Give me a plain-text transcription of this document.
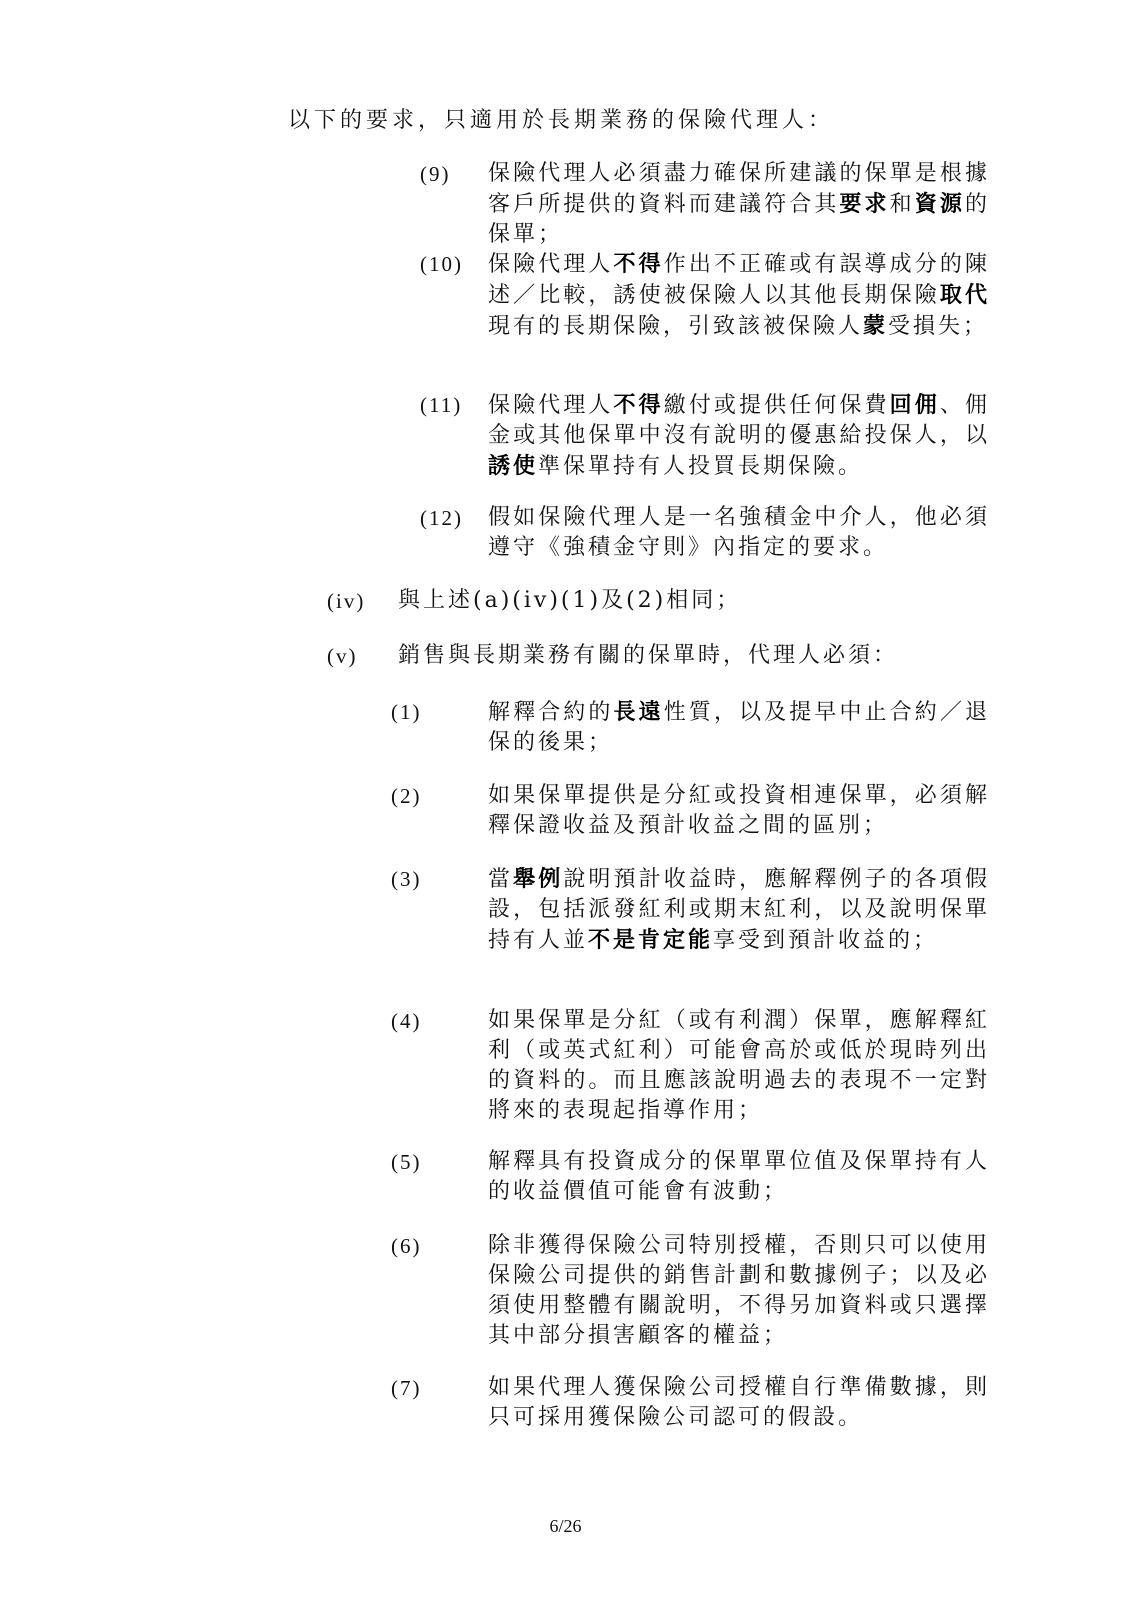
以下的要求，只適用於長期業務的保險代理人：
(9) 保險代理人必須盡力確保所建議的保單是根據客戶所提供的資料而建議符合其要求和資源的保單；

(10) 保險代理人不得作出不正確或有誤導成分的陳述／比較，誘使被保險人以其他長期保險取代現有的長期保險，引致該被保險人蒙受損失；

(11) 保險代理人不得繳付或提供任何保費回佣、佣金或其他保單中沒有說明的優惠給投保人，以誘使準保單持有人投買長期保險。

(12) 假如保險代理人是一名強積金中介人，他必須遵守《強積金守則》內指定的要求。

(iv) 與上述(a)(iv)(1)及(2)相同；
(v) 銷售與長期業務有關的保單時，代理人必須：
(1)	解釋合約的長遠性質，以及提早中止合約／退保的後果；

(2)	如果保單提供是分紅或投資相連保單，必須解釋保證收益及預計收益之間的區別；

(3)	當舉例說明預計收益時，應解釋例子的各項假設，包括派發紅利或期末紅利，以及說明保單持有人並不是肯定能享受到預計收益的；

(4)	如果保單是分紅（或有利潤）保單，應解釋紅利（或英式紅利）可能會高於或低於現時列出的資料的。而且應該說明過去的表現不一定對將來的表現起指導作用；

(5)	解釋具有投資成分的保單單位值及保單持有人的收益價值可能會有波動；

(6)	除非獲得保險公司特別授權，否則只可以使用保險公司提供的銷售計劃和數據例子；以及必須使用整體有關說明，不得另加資料或只選擇其中部分損害顧客的權益；

(7)	如果代理人獲保險公司授權自行準備數據，則只可採用獲保險公司認可的假設。

6/26
